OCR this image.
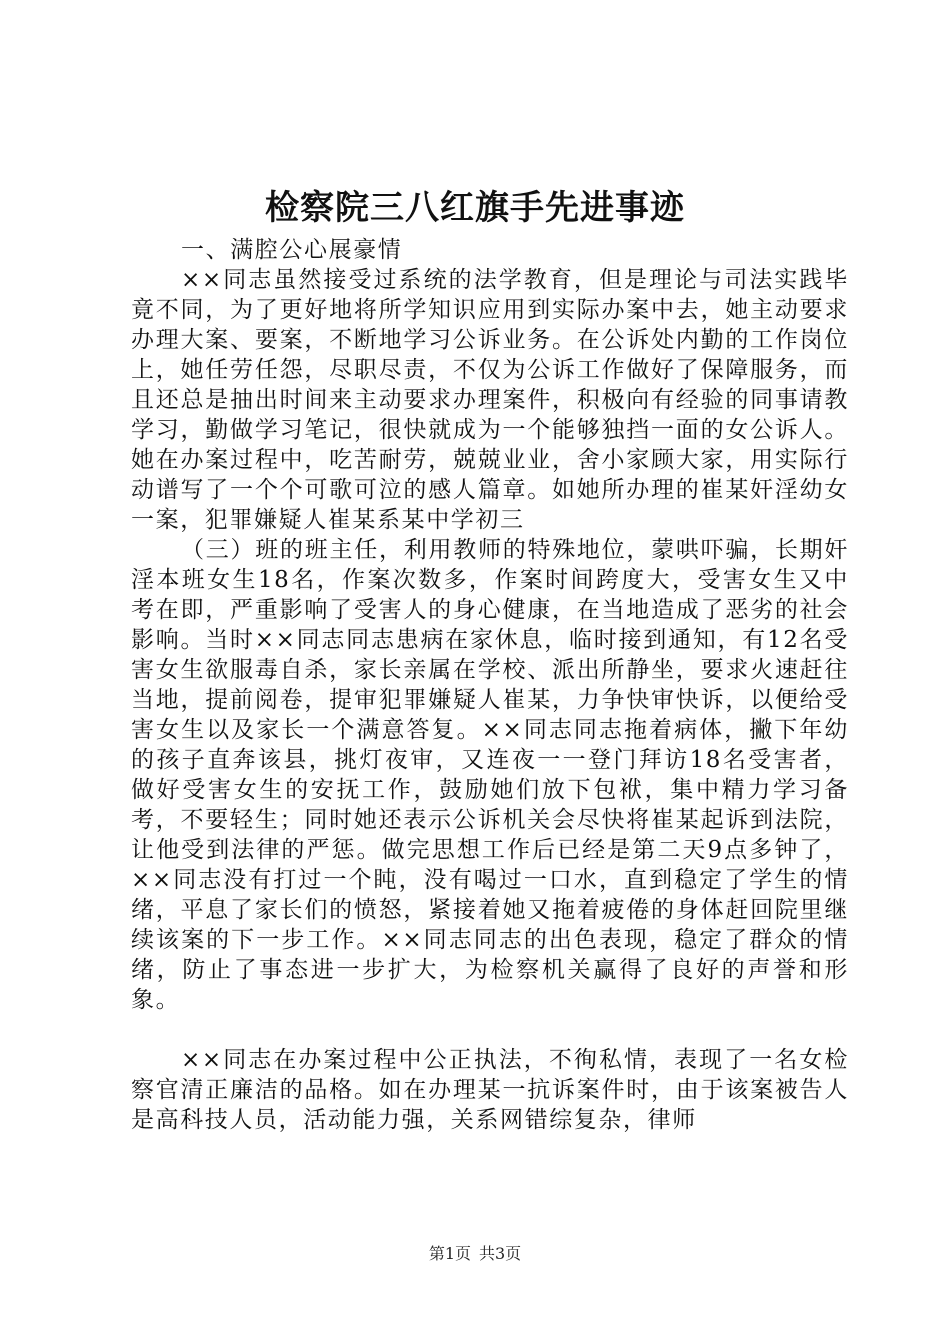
检察院三八红旗手先进事迹

一、满腔公心展豪情

××同志虽然接受过系统的法学教育，但是理论与司法实践毕竟不同，为了更好地将所学知识应用到实际办案中去，她主动要求办理大案、要案，不断地学习公诉业务。在公诉处内勤的工作岗位上，她任劳任怨，尽职尽责，不仅为公诉工作做好了保障服务，而且还总是抽出时间来主动要求办理案件，积极向有经验的同事请教学习，勤做学习笔记，很快就成为一个能够独挡一面的女公诉人。她在办案过程中，吃苦耐劳，兢兢业业，舍小家顾大家，用实际行动谱写了一个个可歌可泣的感人篇章。如她所办理的崔某奸淫幼女一案，犯罪嫌疑人崔某系某中学初三

（三）班的班主任，利用教师的特殊地位，蒙哄吓骗，长期奸淫本班女生18名，作案次数多，作案时间跨度大，受害女生又中考在即，严重影响了受害人的身心健康，在当地造成了恶劣的社会影响。当时××同志同志患病在家休息，临时接到通知，有12名受害女生欲服毒自杀，家长亲属在学校、派出所静坐，要求火速赶往当地，提前阅卷，提审犯罪嫌疑人崔某，力争快审快诉，以便给受害女生以及家长一个满意答复。××同志同志拖着病体，撇下年幼的孩子直奔该县，挑灯夜审，又连夜一一登门拜访18名受害者，做好受害女生的安抚工作，鼓励她们放下包袱，集中精力学习备考，不要轻生；同时她还表示公诉机关会尽快将崔某起诉到法院，让他受到法律的严惩。做完思想工作后已经是第二天9点多钟了，××同志没有打过一个盹，没有喝过一口水，直到稳定了学生的情绪，平息了家长们的愤怒，紧接着她又拖着疲倦的身体赶回院里继续该案的下一步工作。××同志同志的出色表现，稳定了群众的情绪，防止了事态进一步扩大，为检察机关赢得了良好的声誉和形象。

××同志在办案过程中公正执法，不徇私情，表现了一名女检察官清正廉洁的品格。如在办理某一抗诉案件时，由于该案被告人是高科技人员，活动能力强，关系网错综复杂，律师

第1页 共3页
